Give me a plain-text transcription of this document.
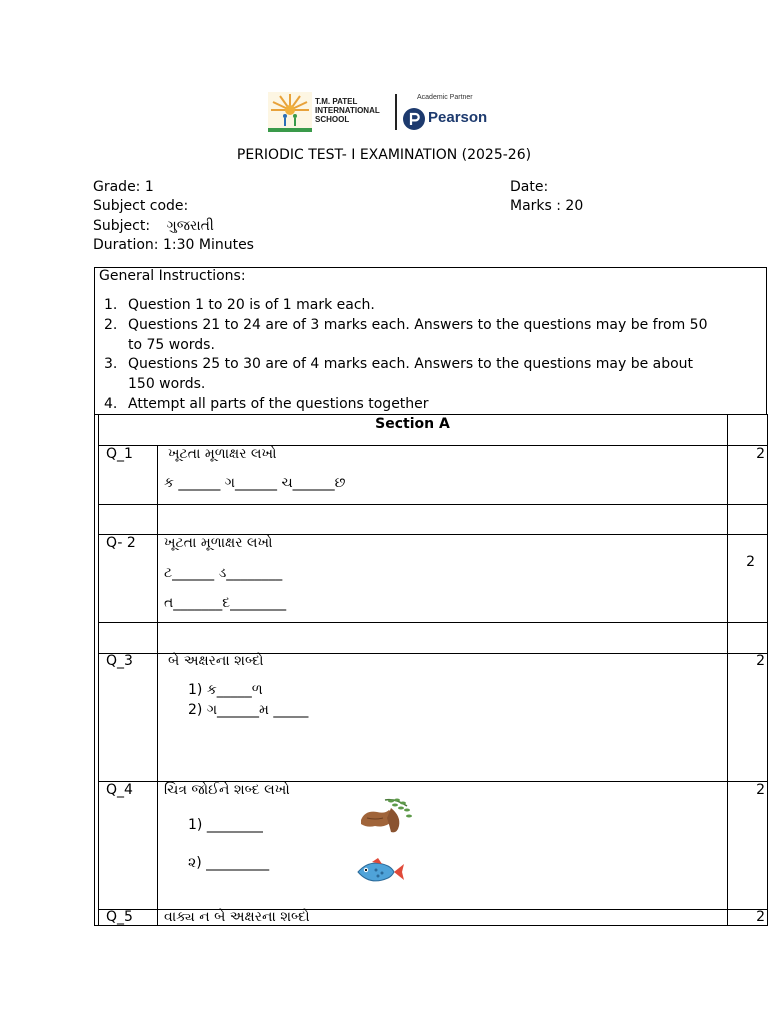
T.M. PATEL
INTERNATIONAL
SCHOOL
Academic Partner
Pearson
PERIODIC TEST- I EXAMINATION (2025-26)
Grade: 1
Subject code:
Subject: ગુજરાતી
Duration: 1:30 Minutes
Date:
Marks : 20
General Instructions:
1. Question 1 to 20 is of 1 mark each.
2. Questions 21 to 24 are of 3 marks each. Answers to the questions may be from 50
to 75 words.
3. Questions 25 to 30 are of 4 marks each. Answers to the questions may be about
150 words.
4. Attempt all parts of the questions together
Section A
Q_1	ખૂટતા મૂળાક્ષર લખો
ક ______ ગ______ ચ______છ
2
Q- 2 ખૂટતા મૂળાક્ષર લખો
ટ______ ડ________
ત_______દ________
2
Q_3	બે અક્ષરના શબ્દો
1) ક_____ળ
2) ગ______મ _____
2
Q_4 ચિત્ર જોઈને શબ્દ લખો
1) ________
૨) _________
2
Q_5 વાક્ય ન બે અક્ષરના શબ્દો	2
